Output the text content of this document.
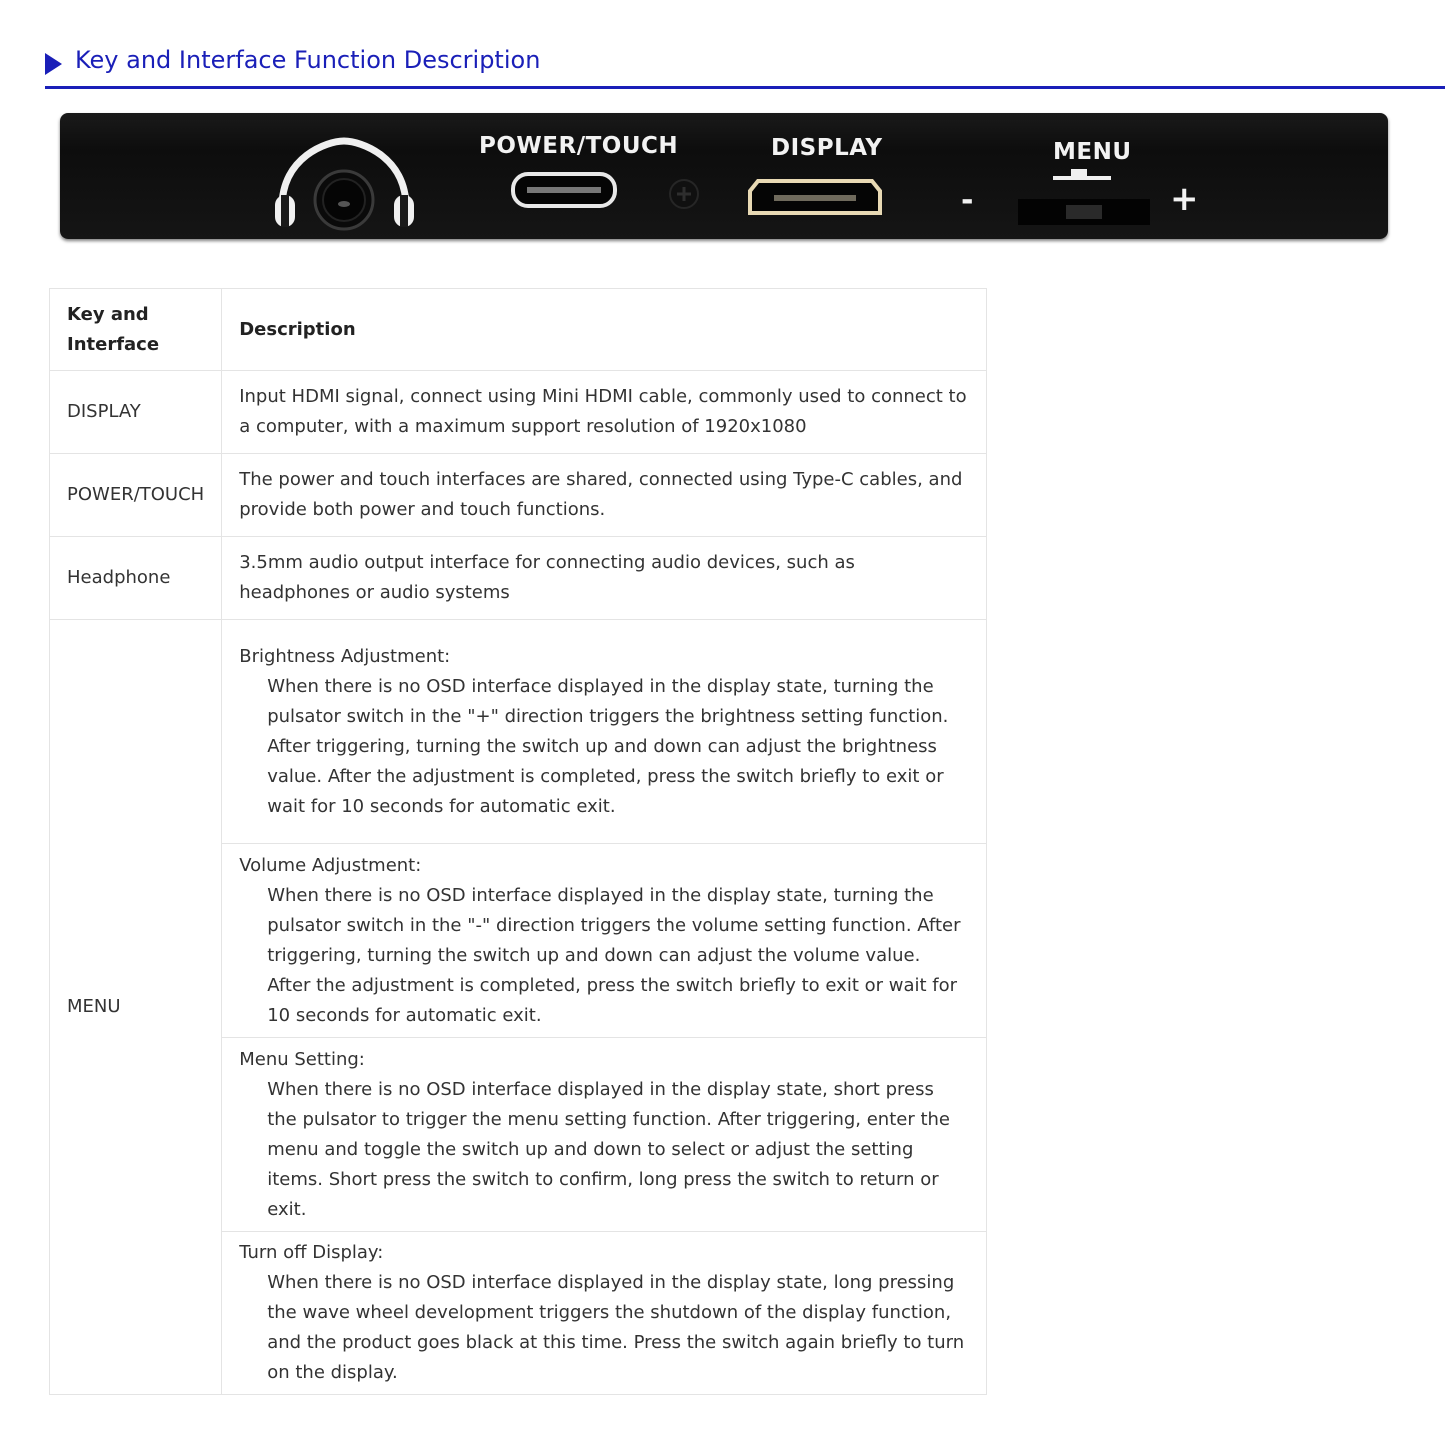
Key and Interface Function Description
POWER/TOUCH	DISPLAY	MENU
-	+
Key and Interface	Description
DISPLAY	Input HDMI signal, connect using Mini HDMI cable, commonly used to connect to a computer, with a maximum support resolution of 1920x1080
POWER/TOUCH	The power and touch interfaces are shared, connected using Type-C cables, and provide both power and touch functions.
Headphone	3.5mm audio output interface for connecting audio devices, such as headphones or audio systems
MENU	Brightness Adjustment:
When there is no OSD interface displayed in the display state, turning the pulsator switch in the "+" direction triggers the brightness setting function. After triggering, turning the switch up and down can adjust the brightness value. After the adjustment is completed, press the switch briefly to exit or wait for 10 seconds for automatic exit.

	Volume Adjustment:
When there is no OSD interface displayed in the display state, turning the pulsator switch in the "-" direction triggers the volume setting function. After triggering, turning the switch up and down can adjust the volume value. After the adjustment is completed, press the switch briefly to exit or wait for 10 seconds for automatic exit.

	Menu Setting:
When there is no OSD interface displayed in the display state, short press the pulsator to trigger the menu setting function. After triggering, enter the menu and toggle the switch up and down to select or adjust the setting items. Short press the switch to confirm, long press the switch to return or exit.

	Turn off Display:
When there is no OSD interface displayed in the display state, long pressing the wave wheel development triggers the shutdown of the display function, and the product goes black at this time. Press the switch again briefly to turn on the display.
